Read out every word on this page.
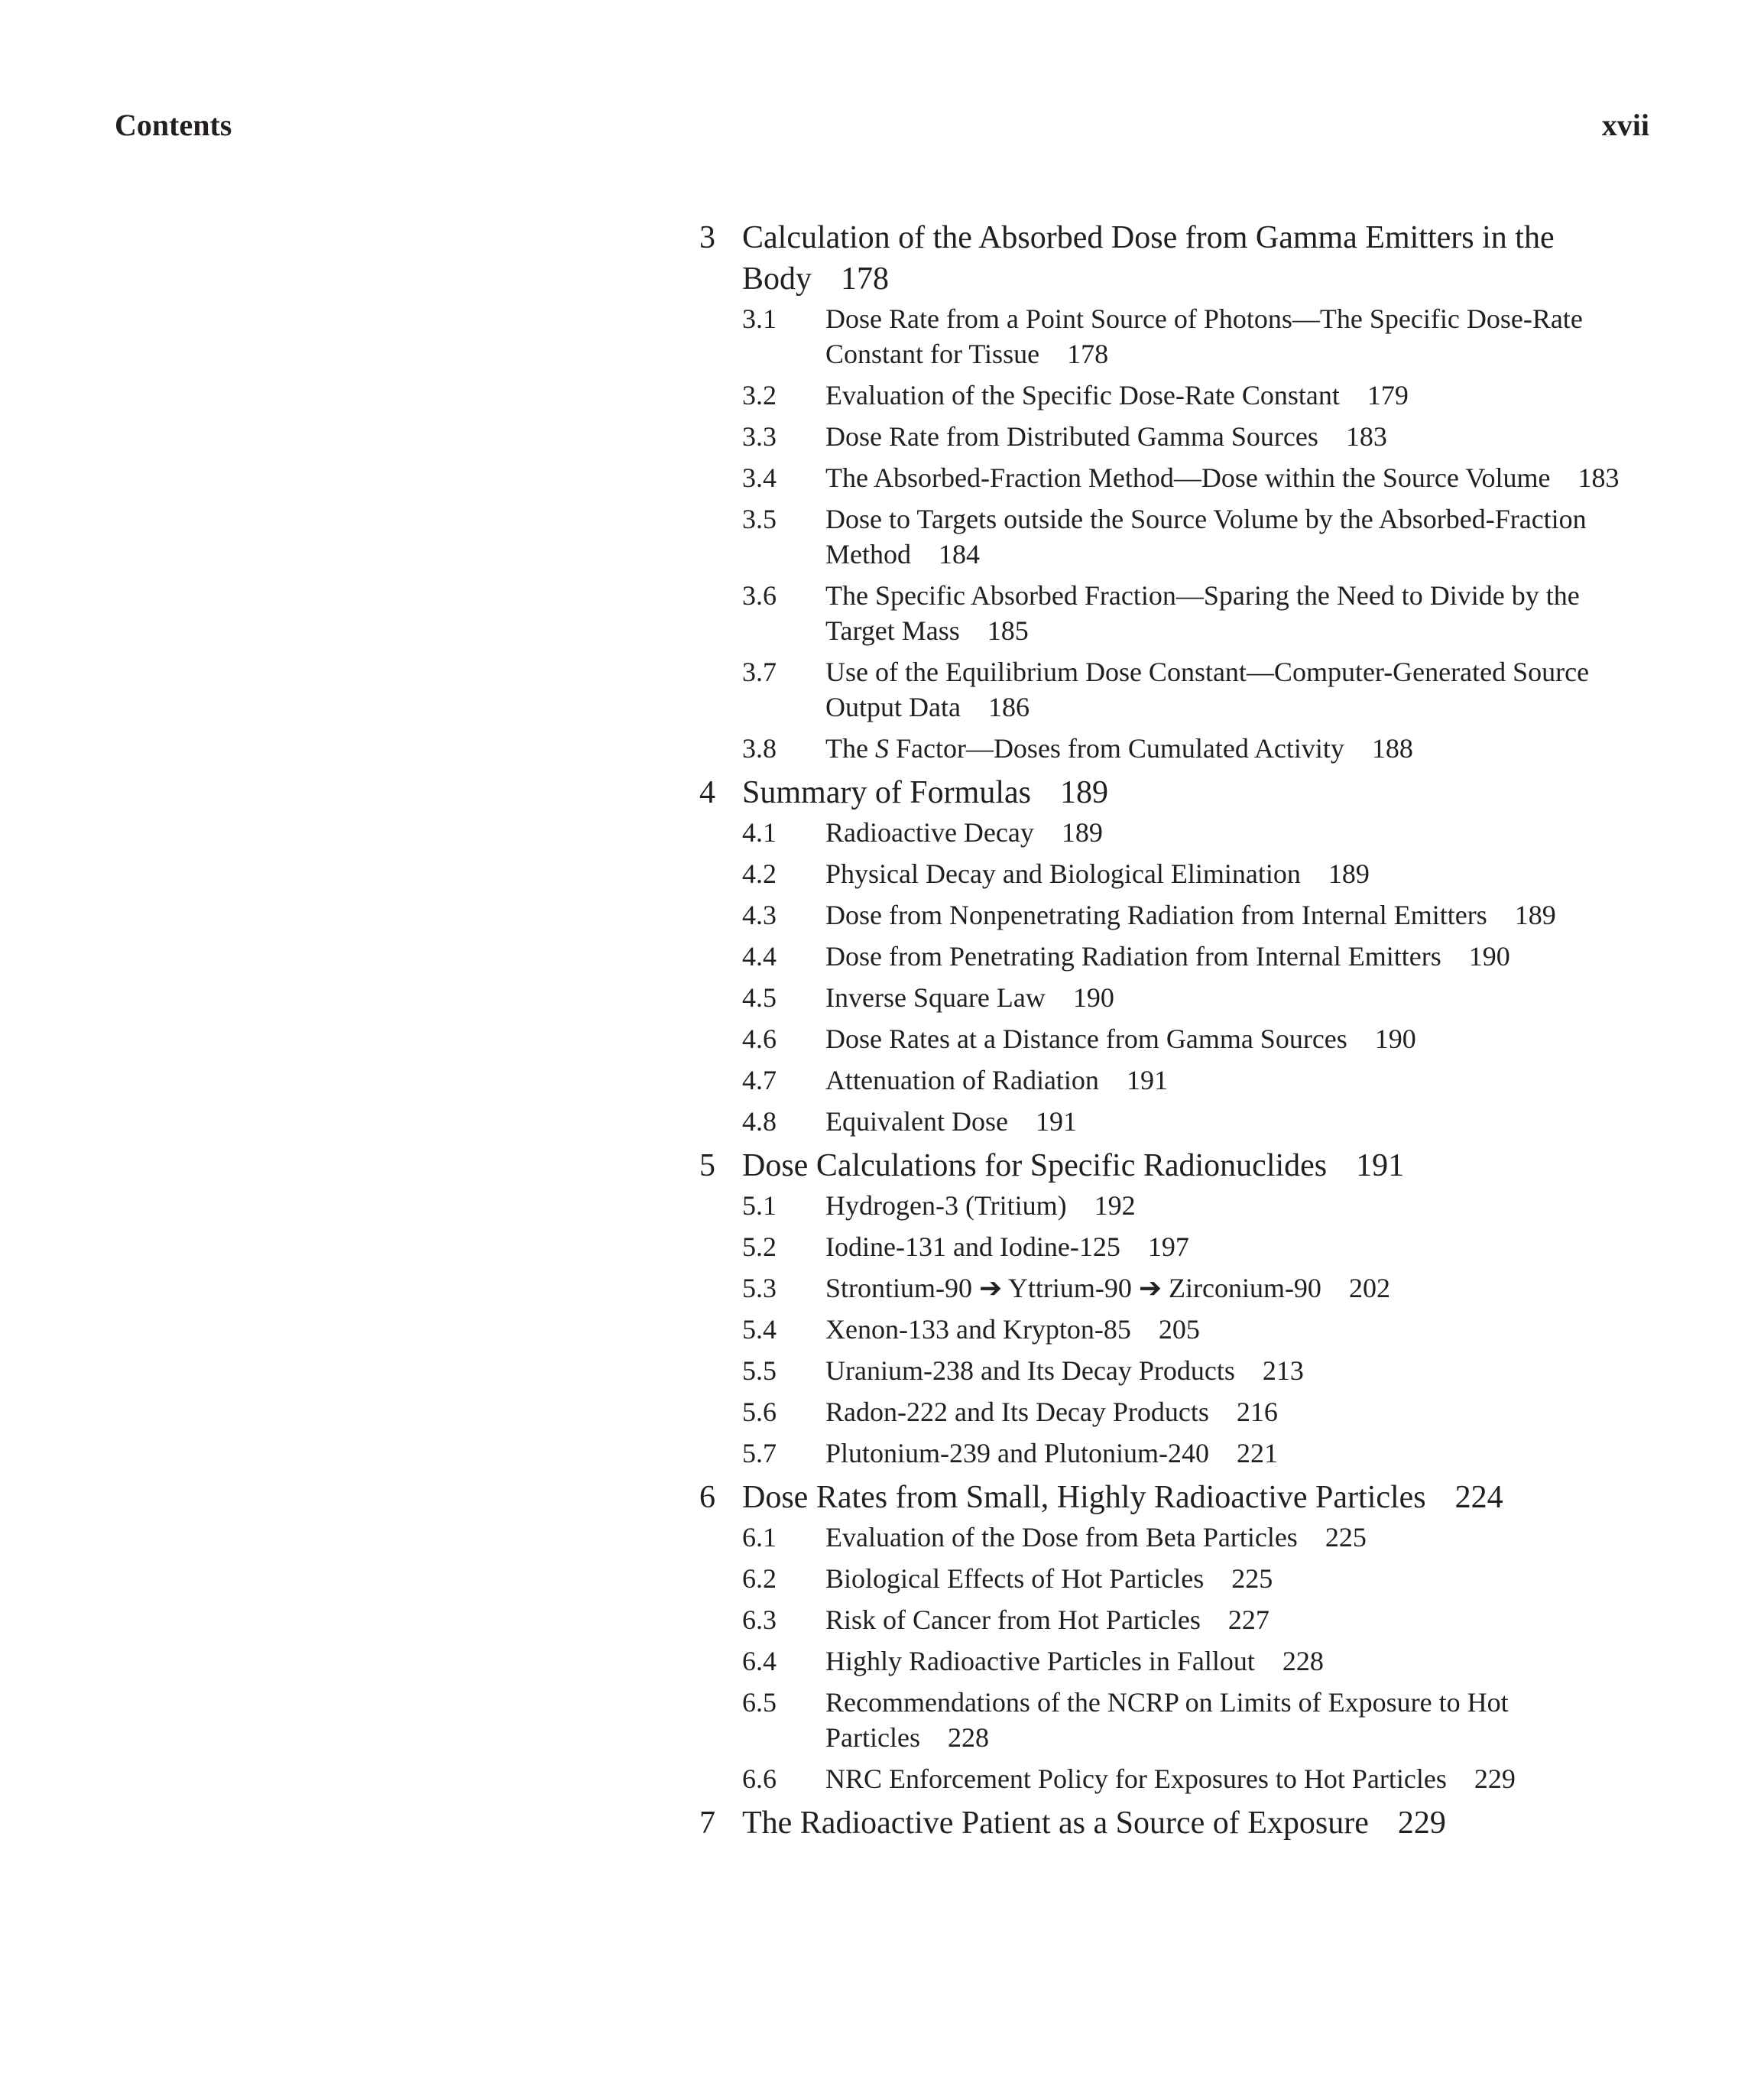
Contents	xvii
3 Calculation of the Absorbed Dose from Gamma Emitters in the Body 178
3.1 Dose Rate from a Point Source of Photons—The Specific Dose-Rate Constant for Tissue 178
3.2 Evaluation of the Specific Dose-Rate Constant 179
3.3 Dose Rate from Distributed Gamma Sources 183
3.4 The Absorbed-Fraction Method—Dose within the Source Volume 183
3.5 Dose to Targets outside the Source Volume by the Absorbed-Fraction Method 184
3.6 The Specific Absorbed Fraction—Sparing the Need to Divide by the Target Mass 185
3.7 Use of the Equilibrium Dose Constant—Computer-Generated Source Output Data 186
3.8 The S Factor—Doses from Cumulated Activity 188
4 Summary of Formulas 189
4.1 Radioactive Decay 189
4.2 Physical Decay and Biological Elimination 189
4.3 Dose from Nonpenetrating Radiation from Internal Emitters 189
4.4 Dose from Penetrating Radiation from Internal Emitters 190
4.5 Inverse Square Law 190
4.6 Dose Rates at a Distance from Gamma Sources 190
4.7 Attenuation of Radiation 191
4.8 Equivalent Dose 191
5 Dose Calculations for Specific Radionuclides 191
5.1 Hydrogen-3 (Tritium) 192
5.2 Iodine-131 and Iodine-125 197
5.3 Strontium-90 ➔ Yttrium-90 ➔ Zirconium-90 202
5.4 Xenon-133 and Krypton-85 205
5.5 Uranium-238 and Its Decay Products 213
5.6 Radon-222 and Its Decay Products 216
5.7 Plutonium-239 and Plutonium-240 221
6 Dose Rates from Small, Highly Radioactive Particles 224
6.1 Evaluation of the Dose from Beta Particles 225
6.2 Biological Effects of Hot Particles 225
6.3 Risk of Cancer from Hot Particles 227
6.4 Highly Radioactive Particles in Fallout 228
6.5 Recommendations of the NCRP on Limits of Exposure to Hot Particles 228
6.6 NRC Enforcement Policy for Exposures to Hot Particles 229
7 The Radioactive Patient as a Source of Exposure 229
